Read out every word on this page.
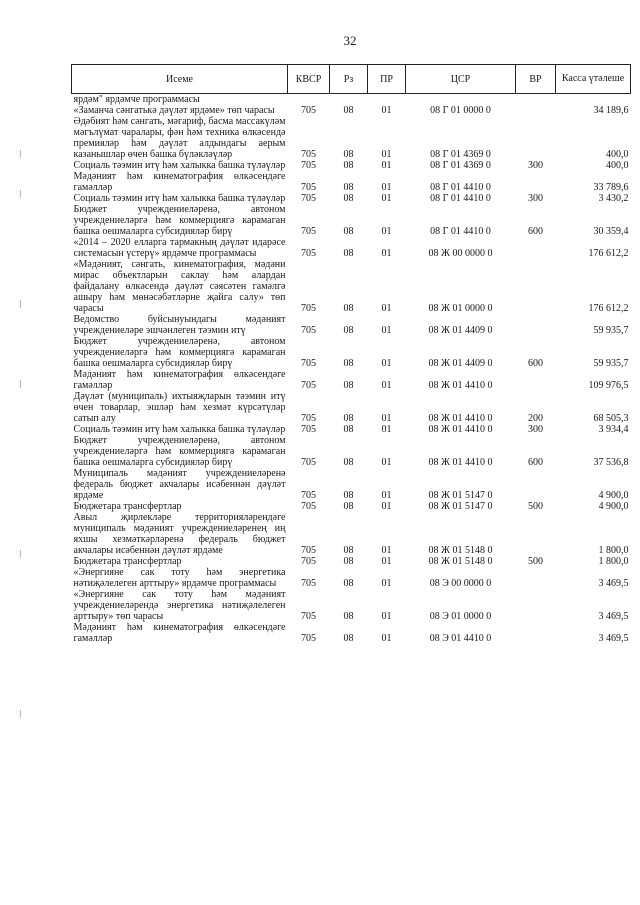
32
Исеме	КВСР	Рз	ПР	ЦСР	ВР	Касса үтәлеше
ярдәм" ярдәмче программасы						
«Заманча сәнгатькә дәүләт ярдәме» төп чарасы	705	08	01	08 Г 01 0000 0		34 189,6
Әдәбият һәм сәнгать, мәгариф, басма массакүләм мәгълүмат чаралары, фән һәм техника өлкәсендә премияләр һәм дәүләт алдындагы аерым казанышлар өчен башка бүләкләүләр	705	08	01	08 Г 01 4369 0		400,0
Социаль тәэмин итү һәм халыкка башка түләүләр	705	08	01	08 Г 01 4369 0	300	400,0
Мәдәният һәм кинематография өлкәсендәге гамәлләр	705	08	01	08 Г 01 4410 0		33 789,6
Социаль тәэмин итү һәм халыкка башка түләүләр	705	08	01	08 Г 01 4410 0	300	3 430,2
Бюджет учреждениеләренә, автоном учреждениеләргә һәм коммерциягә карамаган башка оешмаларга субсидияләр бирү	705	08	01	08 Г 01 4410 0	600	30 359,4
«2014 – 2020 елларга тармакның дәүләт идарәсе системасын үстерү» ярдәмче программасы	705	08	01	08 Ж 00 0000 0		176 612,2
«Мәдәният, сәнгать, кинематография, мәдәни мирас объектларын саклау һәм алардан файдалану өлкәсендә дәүләт сәясәтен гамәлгә ашыру һәм мөнәсәбәтләрне җайга салу» төп чарасы	705	08	01	08 Ж 01 0000 0		176 612,2
Ведомство буйсынуындагы мәдәният учреждениеләре эшчәнлеген тәэмин итү	705	08	01	08 Ж 01 4409 0		59 935,7
Бюджет учреждениеләренә, автоном учреждениеләргә һәм коммерциягә карамаган башка оешмаларга субсидияләр бирү	705	08	01	08 Ж 01 4409 0	600	59 935,7
Мәдәният һәм кинематография өлкәсендәге гамәлләр	705	08	01	08 Ж 01 4410 0		109 976,5
Дәүләт (муниципаль) ихтыяҗларын тәэмин итү өчен товарлар, эшләр һәм хезмәт күрсәтүләр сатып алу	705	08	01	08 Ж 01 4410 0	200	68 505,3
Социаль тәэмин итү һәм халыкка башка түләүләр	705	08	01	08 Ж 01 4410 0	300	3 934,4
Бюджет учреждениеләренә, автоном учреждениеләргә һәм коммерциягә карамаган башка оешмаларга субсидияләр бирү	705	08	01	08 Ж 01 4410 0	600	37 536,8
Муниципаль мәдәният учреждениеләренә федераль бюджет акчалары исәбеннән дәүләт ярдәме	705	08	01	08 Ж 01 5147 0		4 900,0
Бюджетара трансфертлар	705	08	01	08 Ж 01 5147 0	500	4 900,0
Авыл җирлекләре территорияләрендәге муниципаль мәдәният учреждениеләренең иң яхшы хезмәткәрләренә федераль бюджет акчалары исәбеннән дәүләт ярдәме	705	08	01	08 Ж 01 5148 0		1 800,0
Бюджетара трансфертлар	705	08	01	08 Ж 01 5148 0	500	1 800,0
«Энергияне сак тоту һәм энергетика нәтиҗәлелеген арттыру» ярдәмче программасы	705	08	01	08 Э 00 0000 0		3 469,5
«Энергияне сак тоту һәм мәдәният учреждениеләрендә энергетика нәтиҗәлелеген арттыру» төп чарасы	705	08	01	08 Э 01 0000 0		3 469,5
Мәдәният һәм кинематография өлкәсендәге гамәлләр	705	08	01	08 Э 01 4410 0		3 469,5
